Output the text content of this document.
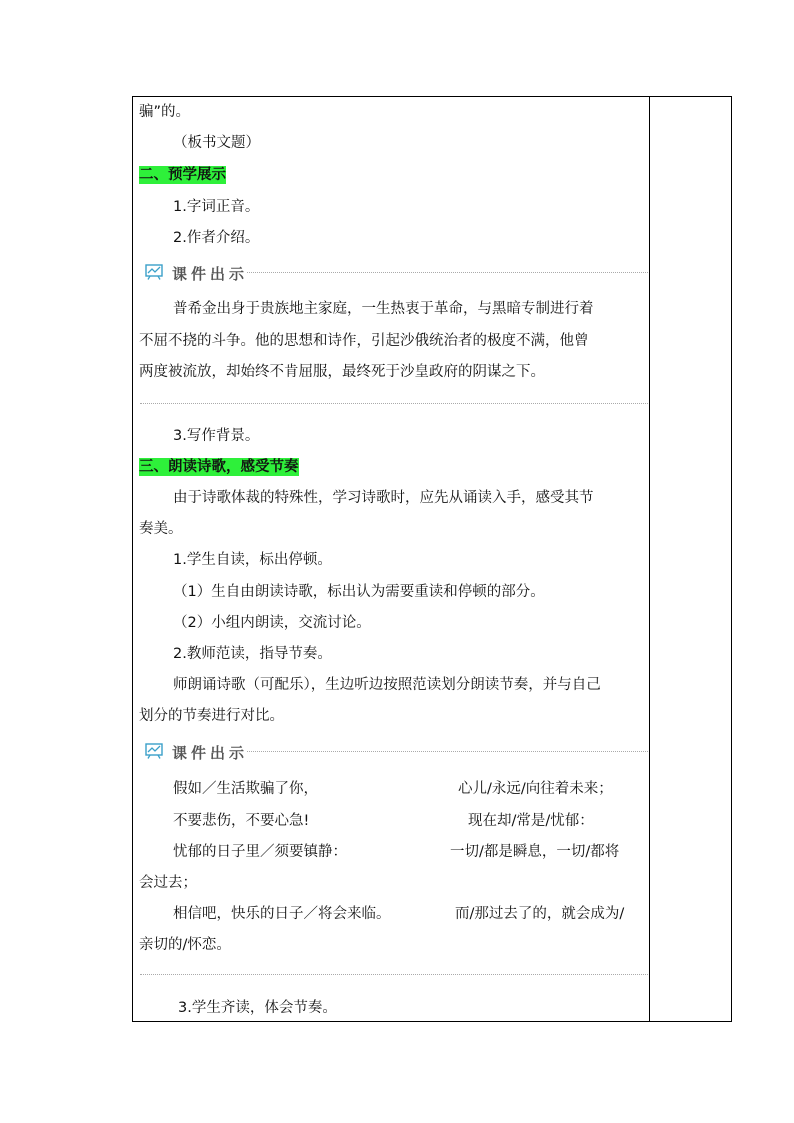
骗”的。
（板书文题）
二、预学展示
1.字词正音。
2.作者介绍。
课件出示
普希金出身于贵族地主家庭，一生热衷于革命，与黑暗专制进行着
不屈不挠的斗争。他的思想和诗作，引起沙俄统治者的极度不满，他曾
两度被流放，却始终不肯屈服，最终死于沙皇政府的阴谋之下。
3.写作背景。
三、朗读诗歌，感受节奏
由于诗歌体裁的特殊性，学习诗歌时，应先从诵读入手，感受其节
奏美。
1.学生自读，标出停顿。
（1）生自由朗读诗歌，标出认为需要重读和停顿的部分。
（2）小组内朗读，交流讨论。
2.教师范读，指导节奏。
师朗诵诗歌（可配乐），生边听边按照范读划分朗读节奏，并与自己
划分的节奏进行对比。
课件出示
假如／生活欺骗了你，	心儿/永远/向往着未来；
不要悲伤，不要心急!	现在却/常是/忧郁：
忧郁的日子里／须要镇静：	一切/都是瞬息，一切/都将
会过去；
相信吧，快乐的日子／将会来临。	而/那过去了的，就会成为/
亲切的/怀恋。
3.学生齐读，体会节奏。
